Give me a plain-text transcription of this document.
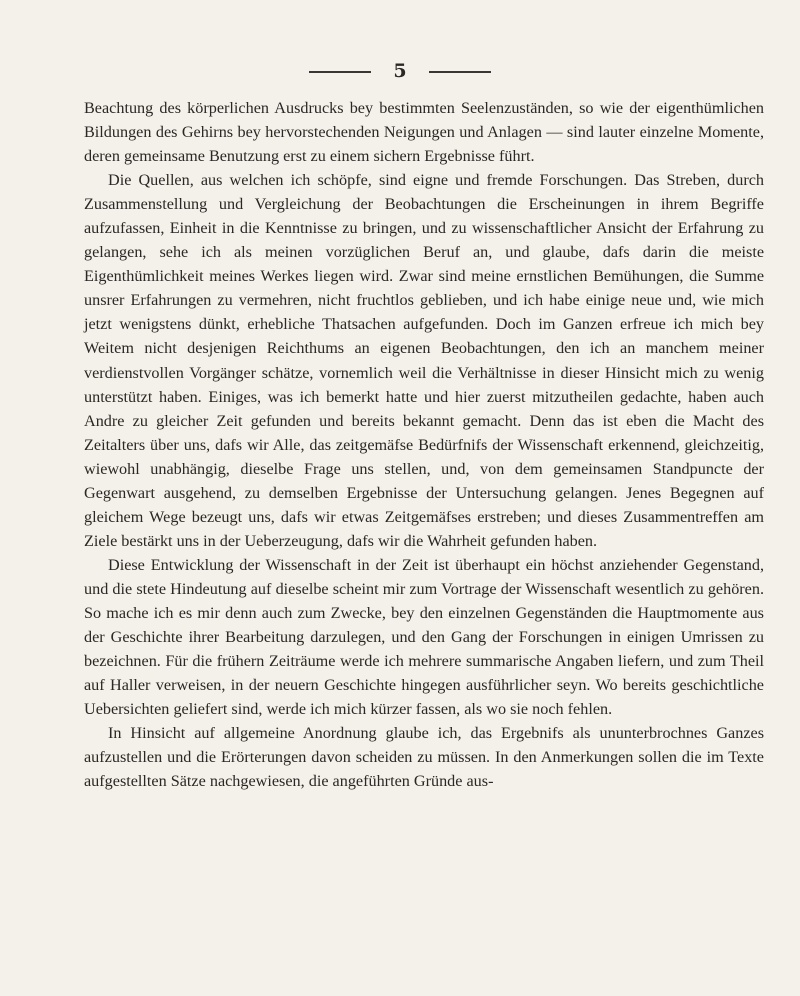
5

Beachtung des körperlichen Ausdrucks bey bestimmten Seelenzuständen, so wie der eigenthümlichen Bildungen des Gehirns bey hervorstechenden Neigungen und Anlagen — sind lauter einzelne Momente, deren gemeinsame Benutzung erst zu einem sichern Ergebnisse führt.

Die Quellen, aus welchen ich schöpfe, sind eigne und fremde Forschungen. Das Streben, durch Zusammenstellung und Vergleichung der Beobachtungen die Erscheinungen in ihrem Begriffe aufzufassen, Einheit in die Kenntnisse zu bringen, und zu wissenschaftlicher Ansicht der Erfahrung zu gelangen, sehe ich als meinen vorzüglichen Beruf an, und glaube, dafs darin die meiste Eigenthümlichkeit meines Werkes liegen wird. Zwar sind meine ernstlichen Bemühungen, die Summe unsrer Erfahrungen zu vermehren, nicht fruchtlos geblieben, und ich habe einige neue und, wie mich jetzt wenigstens dünkt, erhebliche Thatsachen aufgefunden. Doch im Ganzen erfreue ich mich bey Weitem nicht desjenigen Reichthums an eigenen Beobachtungen, den ich an manchem meiner verdienstvollen Vorgänger schätze, vornemlich weil die Verhältnisse in dieser Hinsicht mich zu wenig unterstützt haben. Einiges, was ich bemerkt hatte und hier zuerst mitzutheilen gedachte, haben auch Andre zu gleicher Zeit gefunden und bereits bekannt gemacht. Denn das ist eben die Macht des Zeitalters über uns, dafs wir Alle, das zeitgemäfse Bedürfnifs der Wissenschaft erkennend, gleichzeitig, wiewohl unabhängig, dieselbe Frage uns stellen, und, von dem gemeinsamen Standpuncte der Gegenwart ausgehend, zu demselben Ergebnisse der Untersuchung gelangen. Jenes Begegnen auf gleichem Wege bezeugt uns, dafs wir etwas Zeitgemäfses erstreben; und dieses Zusammentreffen am Ziele bestärkt uns in der Ueberzeugung, dafs wir die Wahrheit gefunden haben.

Diese Entwicklung der Wissenschaft in der Zeit ist überhaupt ein höchst anziehender Gegenstand, und die stete Hindeutung auf dieselbe scheint mir zum Vortrage der Wissenschaft wesentlich zu gehören. So mache ich es mir denn auch zum Zwecke, bey den einzelnen Gegenständen die Hauptmomente aus der Geschichte ihrer Bearbeitung darzulegen, und den Gang der Forschungen in einigen Umrissen zu bezeichnen. Für die frühern Zeiträume werde ich mehrere summarische Angaben liefern, und zum Theil auf Haller verweisen, in der neuern Geschichte hingegen ausführlicher seyn. Wo bereits geschichtliche Uebersichten geliefert sind, werde ich mich kürzer fassen, als wo sie noch fehlen.

In Hinsicht auf allgemeine Anordnung glaube ich, das Ergebnifs als ununterbrochnes Ganzes aufzustellen und die Erörterungen davon scheiden zu müssen. In den Anmerkungen sollen die im Texte aufgestellten Sätze nachgewiesen, die angeführten Gründe aus-
